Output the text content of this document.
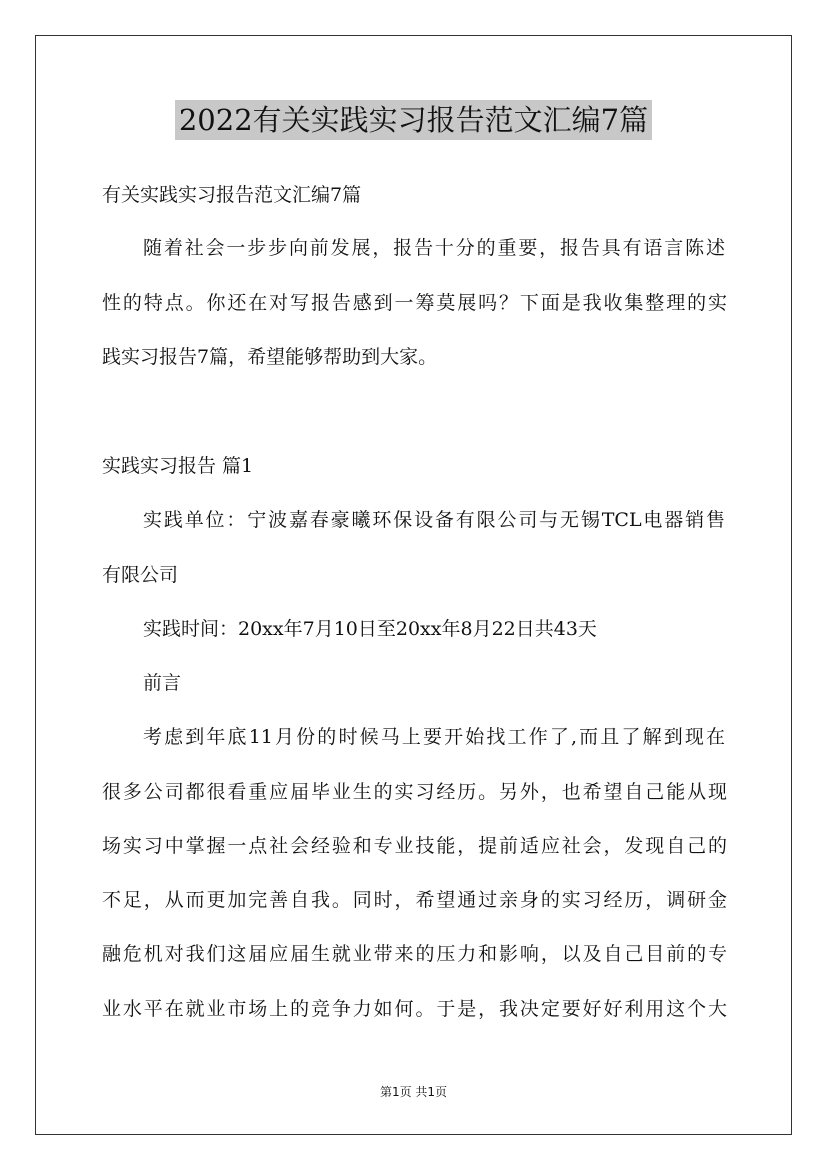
2022有关实践实习报告范文汇编7篇
有关实践实习报告范文汇编7篇
随着社会一步步向前发展，报告十分的重要，报告具有语言陈述
性的特点。你还在对写报告感到一筹莫展吗？下面是我收集整理的实
践实习报告7篇，希望能够帮助到大家。
实践实习报告 篇1
实践单位：宁波嘉春豪曦环保设备有限公司与无锡TCL电器销售
有限公司
实践时间：20xx年7月10日至20xx年8月22日共43天
前言
考虑到年底11月份的时候马上要开始找工作了,而且了解到现在
很多公司都很看重应届毕业生的实习经历。另外，也希望自己能从现
场实习中掌握一点社会经验和专业技能，提前适应社会，发现自己的
不足，从而更加完善自我。同时，希望通过亲身的实习经历，调研金
融危机对我们这届应届生就业带来的压力和影响，以及自己目前的专
业水平在就业市场上的竞争力如何。于是，我决定要好好利用这个大
第1页 共1页
